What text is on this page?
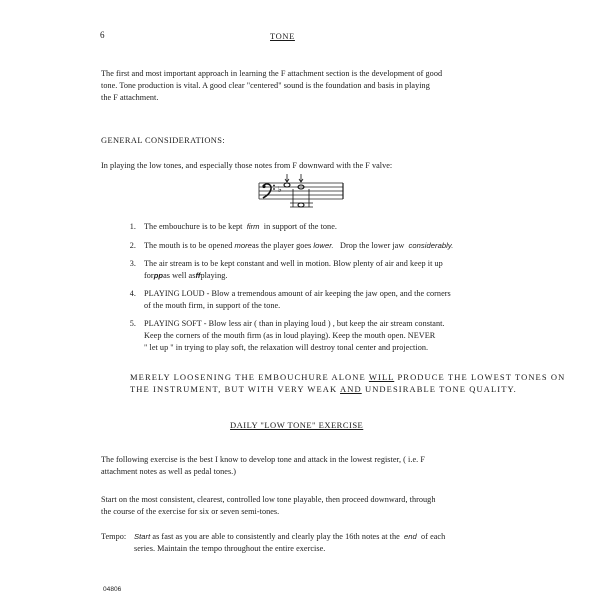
6	TONE
The first and most important approach in learning the F attachment section is the development of good
tone. Tone production is vital. A good clear "centered" sound is the foundation and basis in playing
the F attachment.
GENERAL CONSIDERATIONS:
In playing the low tones, and especially those notes from F downward with the F valve:
♭
1. The embouchure is to be kept firm in support of the tone.
2. The mouth is to be opened moreas the player goes lower. Drop the lower jaw considerably.
3. The air stream is to be kept constant and well in motion. Blow plenty of air and keep it up
forppas well asffplaying.
4. PLAYING LOUD - Blow a tremendous amount of air keeping the jaw open, and the corners
of the mouth firm, in support of the tone.
5. PLAYING SOFT - Blow less air ( than in playing loud ) , but keep the air stream constant.
Keep the corners of the mouth firm (as in loud playing). Keep the mouth open. NEVER
" let up " in trying to play soft, the relaxation will destroy tonal center and projection.
MERELY LOOSENING THE EMBOUCHURE ALONE WILL PRODUCE THE LOWEST TONES ON
THE INSTRUMENT, BUT WITH VERY WEAK AND UNDESIRABLE TONE QUALITY.
DAILY "LOW TONE" EXERCISE
The following exercise is the best I know to develop tone and attack in the lowest register, ( i.e. F
attachment notes as well as pedal tones.)
Start on the most consistent, clearest, controlled low tone playable, then proceed downward, through
the course of the exercise for six or seven semi-tones.
Tempo: Start as fast as you are able to consistently and clearly play the 16th notes at the end of each
series. Maintain the tempo throughout the entire exercise.
04806
